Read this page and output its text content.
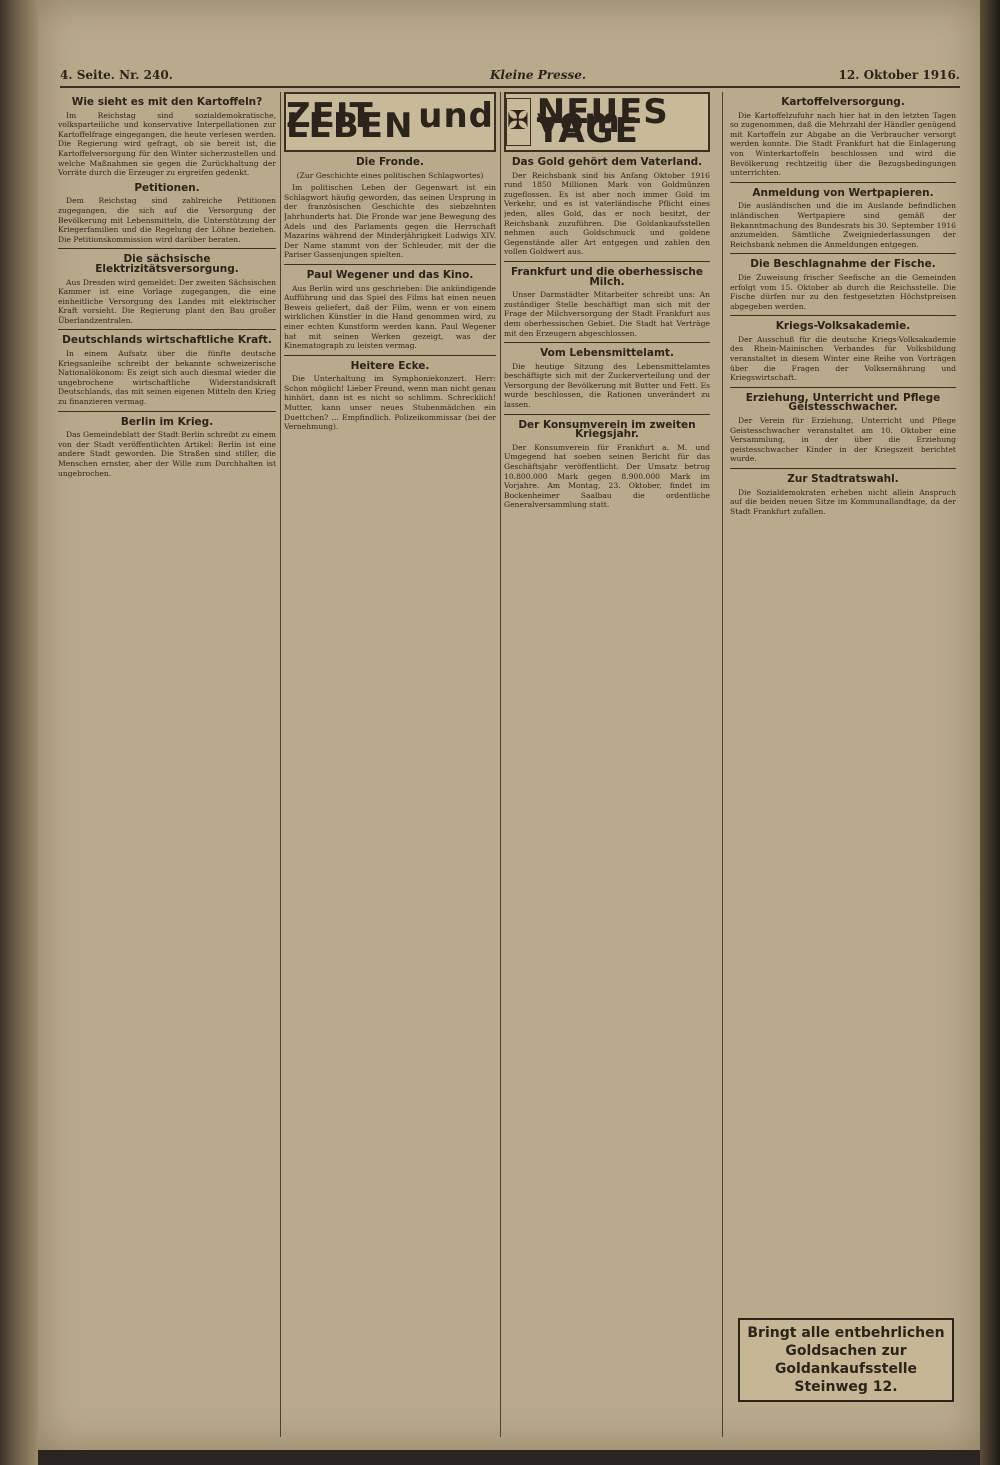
4. Seite. Nr. 240.	Kleine Presse.	12. Oktober 1916.
Wie sieht es mit den Kartoffeln?

Im Reichstag sind sozialdemokratische, volksparteiliche und konservative Interpellationen zur Kartoffelfrage eingegangen, die heute verlesen werden. Die Regierung wird gefragt, ob sie bereit ist, die Kartoffelversorgung für den Winter sicherzustellen und welche Maßnahmen sie gegen die Zurückhaltung der Vorräte durch die Erzeuger zu ergreifen gedenkt.

Petitionen.

Dem Reichstag sind zahlreiche Petitionen zugegangen, die sich auf die Versorgung der Bevölkerung mit Lebensmitteln, die Unterstützung der Kriegerfamilien und die Regelung der Löhne beziehen. Die Petitionskommission wird darüber beraten.

Die sächsische Elektrizitätsversorgung.

Aus Dresden wird gemeldet: Der zweiten Sächsischen Kammer ist eine Vorlage zugegangen, die eine einheitliche Versorgung des Landes mit elektrischer Kraft vorsieht. Die Regierung plant den Bau großer Überlandzentralen.

Deutschlands wirtschaftliche Kraft.

In einem Aufsatz über die fünfte deutsche Kriegsanleihe schreibt der bekannte schweizerische Nationalökonom: Es zeigt sich auch diesmal wieder die ungebrochene wirtschaftliche Widerstandskraft Deutschlands, das mit seinen eigenen Mitteln den Krieg zu finanzieren vermag.

Berlin im Krieg.

Das Gemeindeblatt der Stadt Berlin schreibt zu einem von der Stadt veröffentlichten Artikel: Berlin ist eine andere Stadt geworden. Die Straßen sind stiller, die Menschen ernster, aber der Wille zum Durchhalten ist ungebrochen.

ZEIT und LEBEN
Die Fronde.

(Zur Geschichte eines politischen Schlagwortes)

Im politischen Leben der Gegenwart ist ein Schlagwort häufig geworden, das seinen Ursprung in der französischen Geschichte des siebzehnten Jahrhunderts hat. Die Fronde war jene Bewegung des Adels und des Parlaments gegen die Herrschaft Mazarins während der Minderjährigkeit Ludwigs XIV. Der Name stammt von der Schleuder, mit der die Pariser Gassenjungen spielten.

Paul Wegener und das Kino.

Aus Berlin wird uns geschrieben: Die ankündigende Aufführung und das Spiel des Films hat einen neuen Beweis geliefert, daß der Film, wenn er von einem wirklichen Künstler in die Hand genommen wird, zu einer echten Kunstform werden kann. Paul Wegener hat mit seinen Werken gezeigt, was der Kinematograph zu leisten vermag.

Heitere Ecke.

Die Unterhaltung im Symphoniekonzert. Herr: Schon möglich! Lieber Freund, wenn man nicht genau hinhört, dann ist es nicht so schlimm. Schrecklich! Mutter, kann unser neues Stubenmädchen ein Duettchen? ... Empfindlich. Polizeikommissar (bei der Vernehmung).

✠ NEUES vom TAGE
Das Gold gehört dem Vaterland.

Der Reichsbank sind bis Anfang Oktober 1916 rund 1850 Millionen Mark von Goldmünzen zugeflossen. Es ist aber noch immer Gold im Verkehr, und es ist vaterländische Pflicht eines jeden, alles Gold, das er noch besitzt, der Reichsbank zuzuführen. Die Goldankaufsstellen nehmen auch Goldschmuck und goldene Gegenstände aller Art entgegen und zahlen den vollen Goldwert aus.

Frankfurt und die oberhessische Milch.

Unser Darmstädter Mitarbeiter schreibt uns: An zuständiger Stelle beschäftigt man sich mit der Frage der Milchversorgung der Stadt Frankfurt aus dem oberhessischen Gebiet. Die Stadt hat Verträge mit den Erzeugern abgeschlossen.

Vom Lebensmittelamt.

Die heutige Sitzung des Lebensmittelamtes beschäftigte sich mit der Zuckerverteilung und der Versorgung der Bevölkerung mit Butter und Fett. Es wurde beschlossen, die Rationen unverändert zu lassen.

Der Konsumverein im zweiten Kriegsjahr.

Der Konsumverein für Frankfurt a. M. und Umgegend hat soeben seinen Bericht für das Geschäftsjahr veröffentlicht. Der Umsatz betrug 10.800.000 Mark gegen 8.900.000 Mark im Vorjahre. Am Montag, 23. Oktober, findet im Bockenheimer Saalbau die ordentliche Generalversammlung statt.

Kartoffelversorgung.

Die Kartoffelzufuhr nach hier hat in den letzten Tagen so zugenommen, daß die Mehrzahl der Händler genügend mit Kartoffeln zur Abgabe an die Verbraucher versorgt werden konnte. Die Stadt Frankfurt hat die Einlagerung von Winterkartoffeln beschlossen und wird die Bevölkerung rechtzeitig über die Bezugsbedingungen unterrichten.

Anmeldung von Wertpapieren.

Die ausländischen und die im Auslande befindlichen inländischen Wertpapiere sind gemäß der Bekanntmachung des Bundesrats bis 30. September 1916 anzumelden. Sämtliche Zweigniederlassungen der Reichsbank nehmen die Anmeldungen entgegen.

Die Beschlagnahme der Fische.

Die Zuweisung frischer Seefische an die Gemeinden erfolgt vom 15. Oktober ab durch die Reichsstelle. Die Fische dürfen nur zu den festgesetzten Höchstpreisen abgegeben werden.

Kriegs-Volksakademie.

Der Ausschuß für die deutsche Kriegs-Volksakademie des Rhein-Mainischen Verbandes für Volksbildung veranstaltet in diesem Winter eine Reihe von Vorträgen über die Fragen der Volksernährung und Kriegswirtschaft.

Erziehung, Unterricht und Pflege Geistesschwacher.

Der Verein für Erziehung, Unterricht und Pflege Geistesschwacher veranstaltet am 10. Oktober eine Versammlung, in der über die Erziehung geistesschwacher Kinder in der Kriegszeit berichtet wurde.

Zur Stadtratswahl.

Die Sozialdemokraten erheben nicht allein Anspruch auf die beiden neuen Sitze im Kommunallandtage, da der Stadt Frankfurt zufallen.

Bringt alle entbehrlichen Goldsachen zur Goldankaufsstelle Steinweg 12.
